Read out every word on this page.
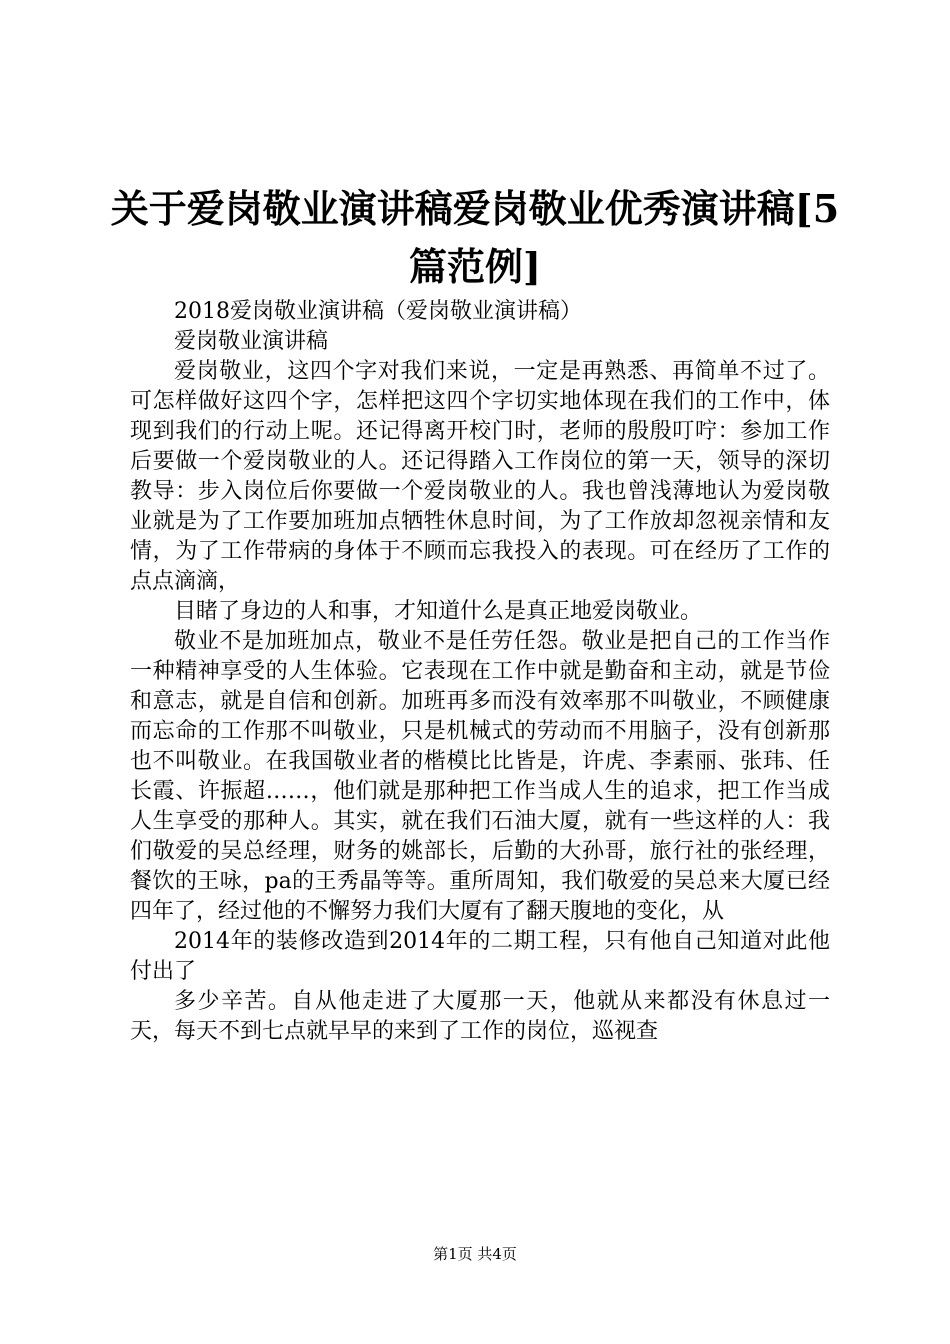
关于爱岗敬业演讲稿爱岗敬业优秀演讲稿[5篇范例]

2018爱岗敬业演讲稿（爱岗敬业演讲稿）

爱岗敬业演讲稿

爱岗敬业，这四个字对我们来说，一定是再熟悉、再简单不过了。可怎样做好这四个字，怎样把这四个字切实地体现在我们的工作中，体现到我们的行动上呢。还记得离开校门时，老师的殷殷叮咛：参加工作后要做一个爱岗敬业的人。还记得踏入工作岗位的第一天，领导的深切教导：步入岗位后你要做一个爱岗敬业的人。我也曾浅薄地认为爱岗敬业就是为了工作要加班加点牺牲休息时间，为了工作放却忽视亲情和友情，为了工作带病的身体于不顾而忘我投入的表现。可在经历了工作的点点滴滴，

目睹了身边的人和事，才知道什么是真正地爱岗敬业。

敬业不是加班加点，敬业不是任劳任怨。敬业是把自己的工作当作一种精神享受的人生体验。它表现在工作中就是勤奋和主动，就是节俭和意志，就是自信和创新。加班再多而没有效率那不叫敬业，不顾健康而忘命的工作那不叫敬业，只是机械式的劳动而不用脑子，没有创新那也不叫敬业。在我国敬业者的楷模比比皆是，许虎、李素丽、张玮、任长霞、许振超……，他们就是那种把工作当成人生的追求，把工作当成人生享受的那种人。其实，就在我们石油大厦，就有一些这样的人：我们敬爱的吴总经理，财务的姚部长，后勤的大孙哥，旅行社的张经理，餐饮的王咏，pa的王秀晶等等。重所周知，我们敬爱的吴总来大厦已经四年了，经过他的不懈努力我们大厦有了翻天腹地的变化，从

2014年的装修改造到2014年的二期工程，只有他自己知道对此他付出了

多少辛苦。自从他走进了大厦那一天，他就从来都没有休息过一天，每天不到七点就早早的来到了工作的岗位，巡视查

第1页 共4页
